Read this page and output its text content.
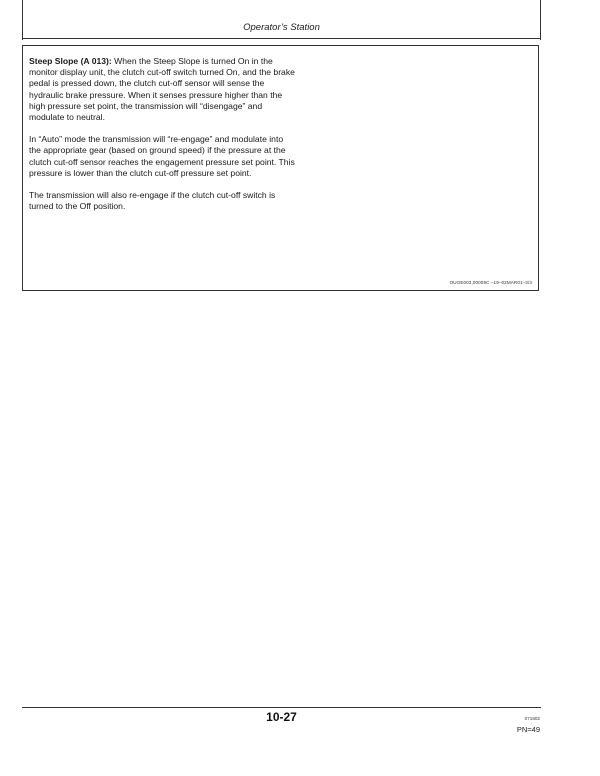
Operator’s Station

Steep Slope (A 013): When the Steep Slope is turned On in the monitor display unit, the clutch cut-off switch turned On, and the brake pedal is pressed down, the clutch cut-off sensor will sense the hydraulic brake pressure. When it senses pressure higher than the high pressure set point, the transmission will “disengage” and modulate to neutral.

In “Auto” mode the transmission will “re-engage” and modulate into the appropriate gear (based on ground speed) if the pressure at the clutch cut-off sensor reaches the engagement pressure set point. This pressure is lower than the clutch cut-off pressure set point.

The transmission will also re-engage if the clutch cut-off switch is turned to the Off position.

OUOE003,00008C –19–02MAR01–3/3
10-27	071602
PN=49
